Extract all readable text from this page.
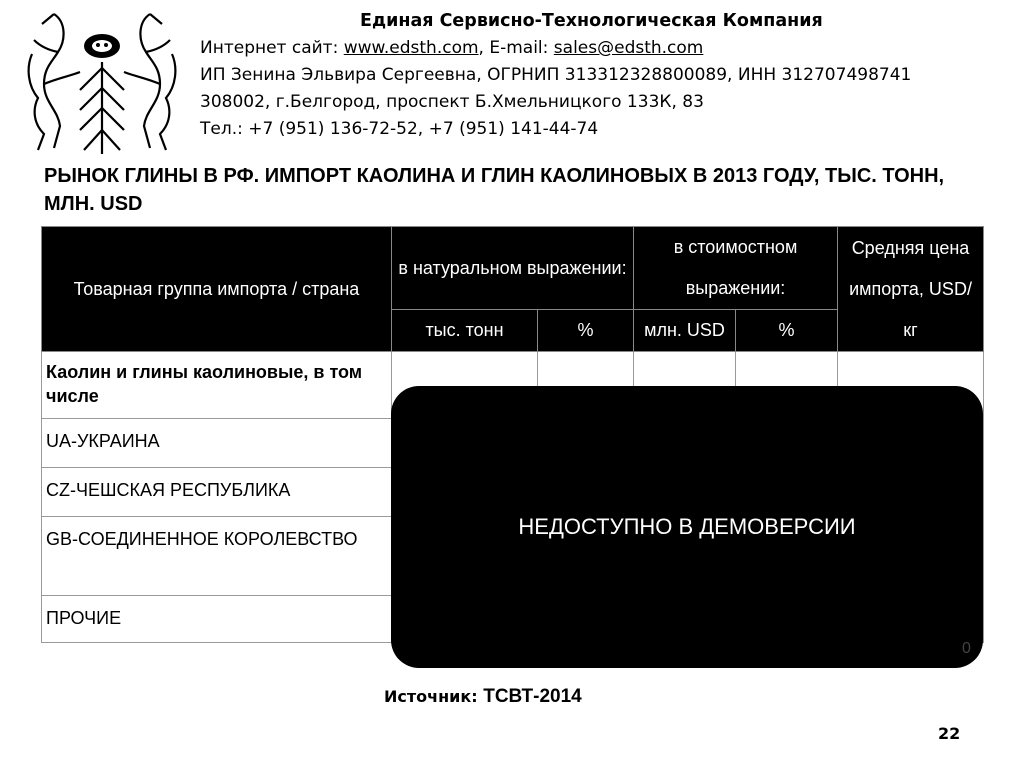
Единая Сервисно-Технологическая Компания
Интернет сайт: www.edsth.com, E-mail: sales@edsth.com
ИП Зенина Эльвира Сергеевна, ОГРНИП 313312328800089, ИНН 312707498741
308002, г.Белгород, проспект Б.Хмельницкого 133К, 83
Тел.: +7 (951) 136-72-52, +7 (951) 141-44-74
РЫНОК ГЛИНЫ В РФ. ИМПОРТ КАОЛИНА И ГЛИН КАОЛИНОВЫХ В 2013 ГОДУ, ТЫС. ТОНН, МЛН. USD
Товарная группа импорта / страна	в натуральном выражении:		в стоимостном выражении:		Средняя цена импорта, USD/кг
	тыс. тонн	%	млн. USD	%	
Каолин и глины каолиновые, в том числе					
UA-УКРАИНА					
CZ-ЧЕШСКАЯ РЕСПУБЛИКА					
GB-СОЕДИНЕННОЕ КОРОЛЕВСТВО					
ПРОЧИЕ					
НЕДОСТУПНО В ДЕМОВЕРСИИ
0
Источник: ТСВТ-2014
22
